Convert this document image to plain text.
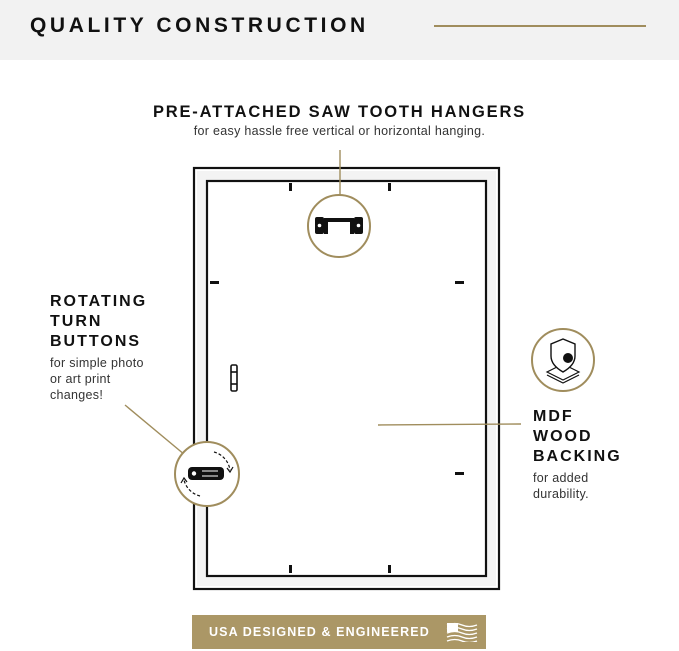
QUALITY CONSTRUCTION
PRE-ATTACHED SAW TOOTH HANGERS
for easy hassle free vertical or horizontal hanging.
ROTATING
TURN
BUTTONS
for simple photo
or art print
changes!
MDF
WOOD
BACKING
for added
durability.
USA DESIGNED & ENGINEERED
